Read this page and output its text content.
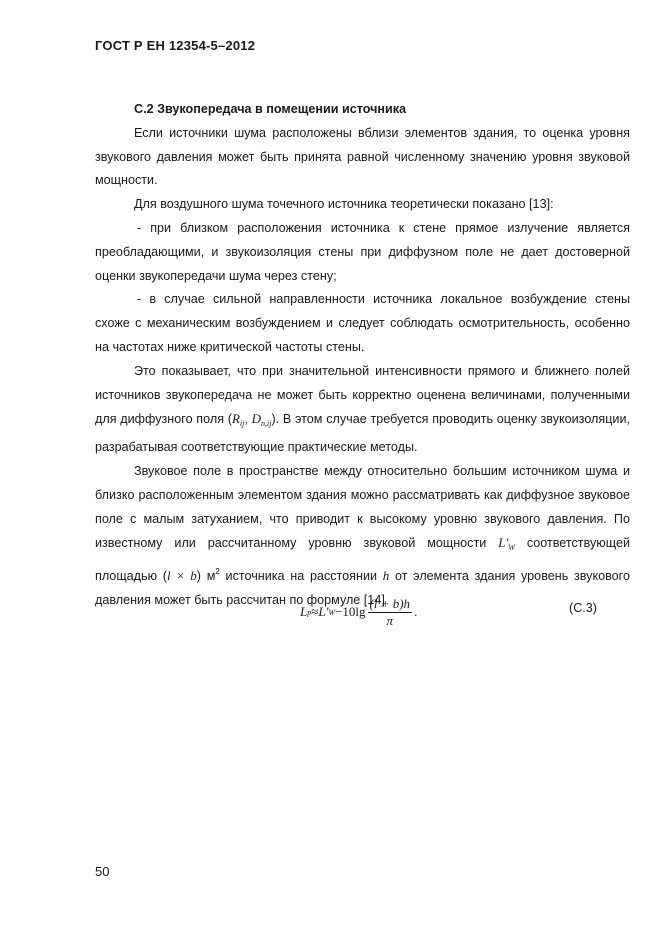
ГОСТ Р ЕН 12354-5–2012

С.2 Звукопередача в помещении источника

Если источники шума расположены вблизи элементов здания, то оценка уровня звукового давления может быть принята равной численному значению уровня звуковой мощности.

Для воздушного шума точечного источника теоретически показано [13]:

- при близком расположения источника к стене прямое излучение является преобладающими, и звукоизоляция стены при диффузном поле не дает достоверной оценки звукопередачи шума через стену;

- в случае сильной направленности источника локальное возбуждение стены схоже с механическим возбуждением и следует соблюдать осмотрительность, особенно на частотах ниже критической частоты стены.

Это показывает, что при значительной интенсивности прямого и ближнего полей источников звукопередача не может быть корректно оценена величинами, полученными для диффузного поля ($R_{ij}$, $D_{n,ij}$). В этом случае требуется проводить оценку звукоизоляции, разрабатывая соответствующие практические методы.

Звуковое поле в пространстве между относительно большим источником шума и близко расположенным элементом здания можно рассматривать как диффузное звуковое поле с малым затуханием, что приводит к высокому уровню звукового давления. По известному или рассчитанному уровню звуковой мощности $L'_W$ соответствующей площадью (l × b) $м^2$ источника на расстоянии h от элемента здания уровень звукового давления может быть рассчитан по формуле [14]

L p ≈ L' $W -10\lg \frac{(l + b)h}{\pi}$ .	(С.3)
50
